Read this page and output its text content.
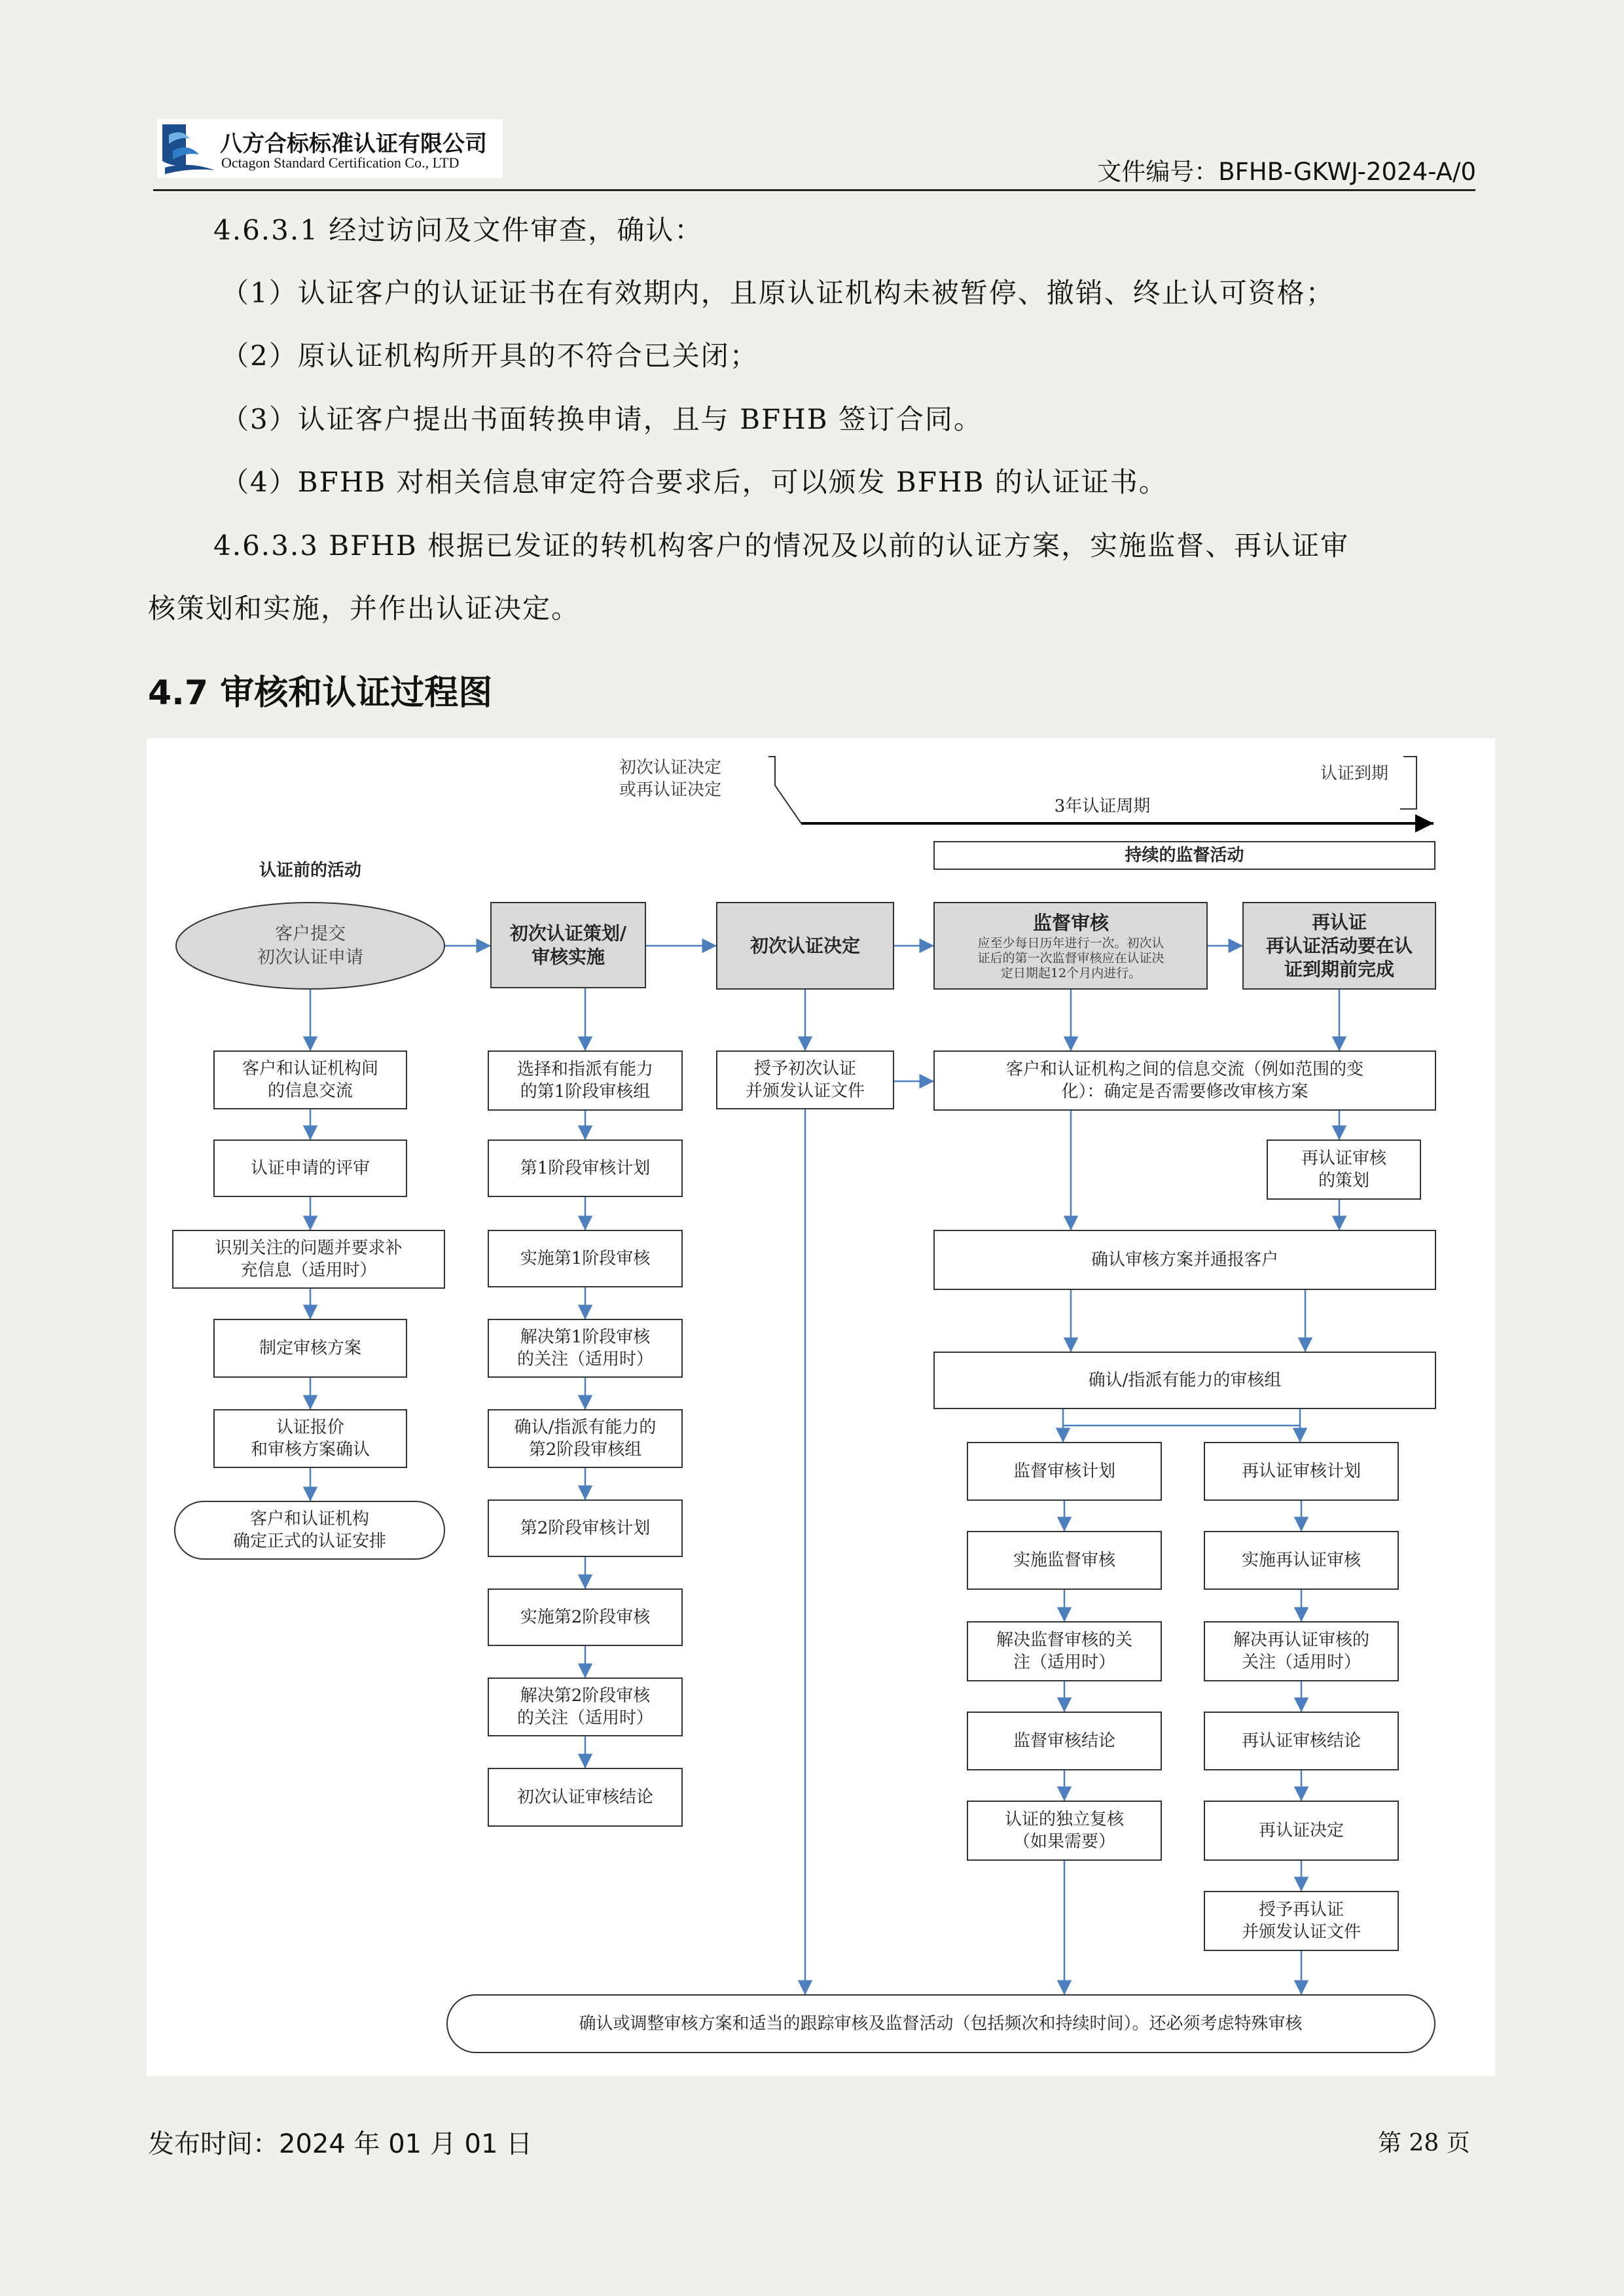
八方合标标准认证有限公司
Octagon Standard Certification Co., LTD	文件编号：BFHB-GKWJ-2024-A/0
4.6.3.1 经过访问及文件审查，确认：
（1）认证客户的认证证书在有效期内，且原认证机构未被暂停、撤销、终止认可资格；
（2）原认证机构所开具的不符合已关闭；
（3）认证客户提出书面转换申请，且与 BFHB 签订合同。
（4）BFHB 对相关信息审定符合要求后，可以颁发 BFHB 的认证证书。
4.6.3.3 BFHB 根据已发证的转机构客户的情况及以前的认证方案，实施监督、再认证审
核策划和实施，并作出认证决定。
4.7 审核和认证过程图
初次认证决定
或再认证决定
认证到期
3年认证周期
持续的监督活动
认证前的活动
客户提交
初次认证申请
客户和认证机构间
的信息交流
认证申请的评审
识别关注的问题并要求补
充信息（适用时）
制定审核方案
认证报价
和审核方案确认
客户和认证机构
确定正式的认证安排
初次认证策划/
审核实施
选择和指派有能力
的第1阶段审核组
第1阶段审核计划
实施第1阶段审核
解决第1阶段审核
的关注（适用时）
确认/指派有能力的
第2阶段审核组
第2阶段审核计划
实施第2阶段审核
解决第2阶段审核
的关注（适用时）
初次认证审核结论
初次认证决定
授予初次认证
并颁发认证文件
监督审核
应至少每日历年进行一次。初次认
证后的第一次监督审核应在认证决
定日期起12个月内进行。
再认证
再认证活动要在认
证到期前完成
客户和认证机构之间的信息交流（例如范围的变
化）：确定是否需要修改审核方案
再认证审核
的策划
确认审核方案并通报客户
确认/指派有能力的审核组
监督审核计划
实施监督审核
解决监督审核的关
注（适用时）
监督审核结论
认证的独立复核
（如果需要）
再认证审核计划
实施再认证审核
解决再认证审核的
关注（适用时）
再认证审核结论
再认证决定
授予再认证
并颁发认证文件
确认或调整审核方案和适当的跟踪审核及监督活动（包括频次和持续时间）。还必须考虑特殊审核
发布时间：2024 年 01 月 01 日	第 28 页
